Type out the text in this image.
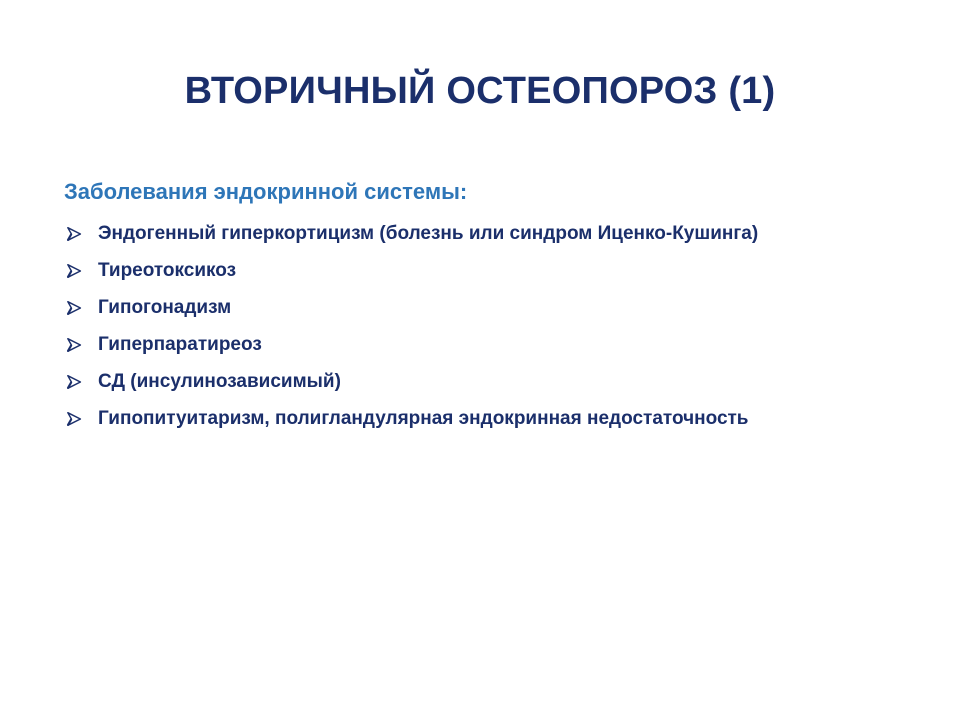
ВТОРИЧНЫЙ ОСТЕОПОРОЗ (1)
Заболевания эндокринной системы:
Эндогенный гиперкортицизм (болезнь или синдром Иценко-Кушинга)
Тиреотоксикоз
Гипогонадизм
Гиперпаратиреоз
СД (инсулинозависимый)
Гипопитуитаризм, полигландулярная эндокринная недостаточность
